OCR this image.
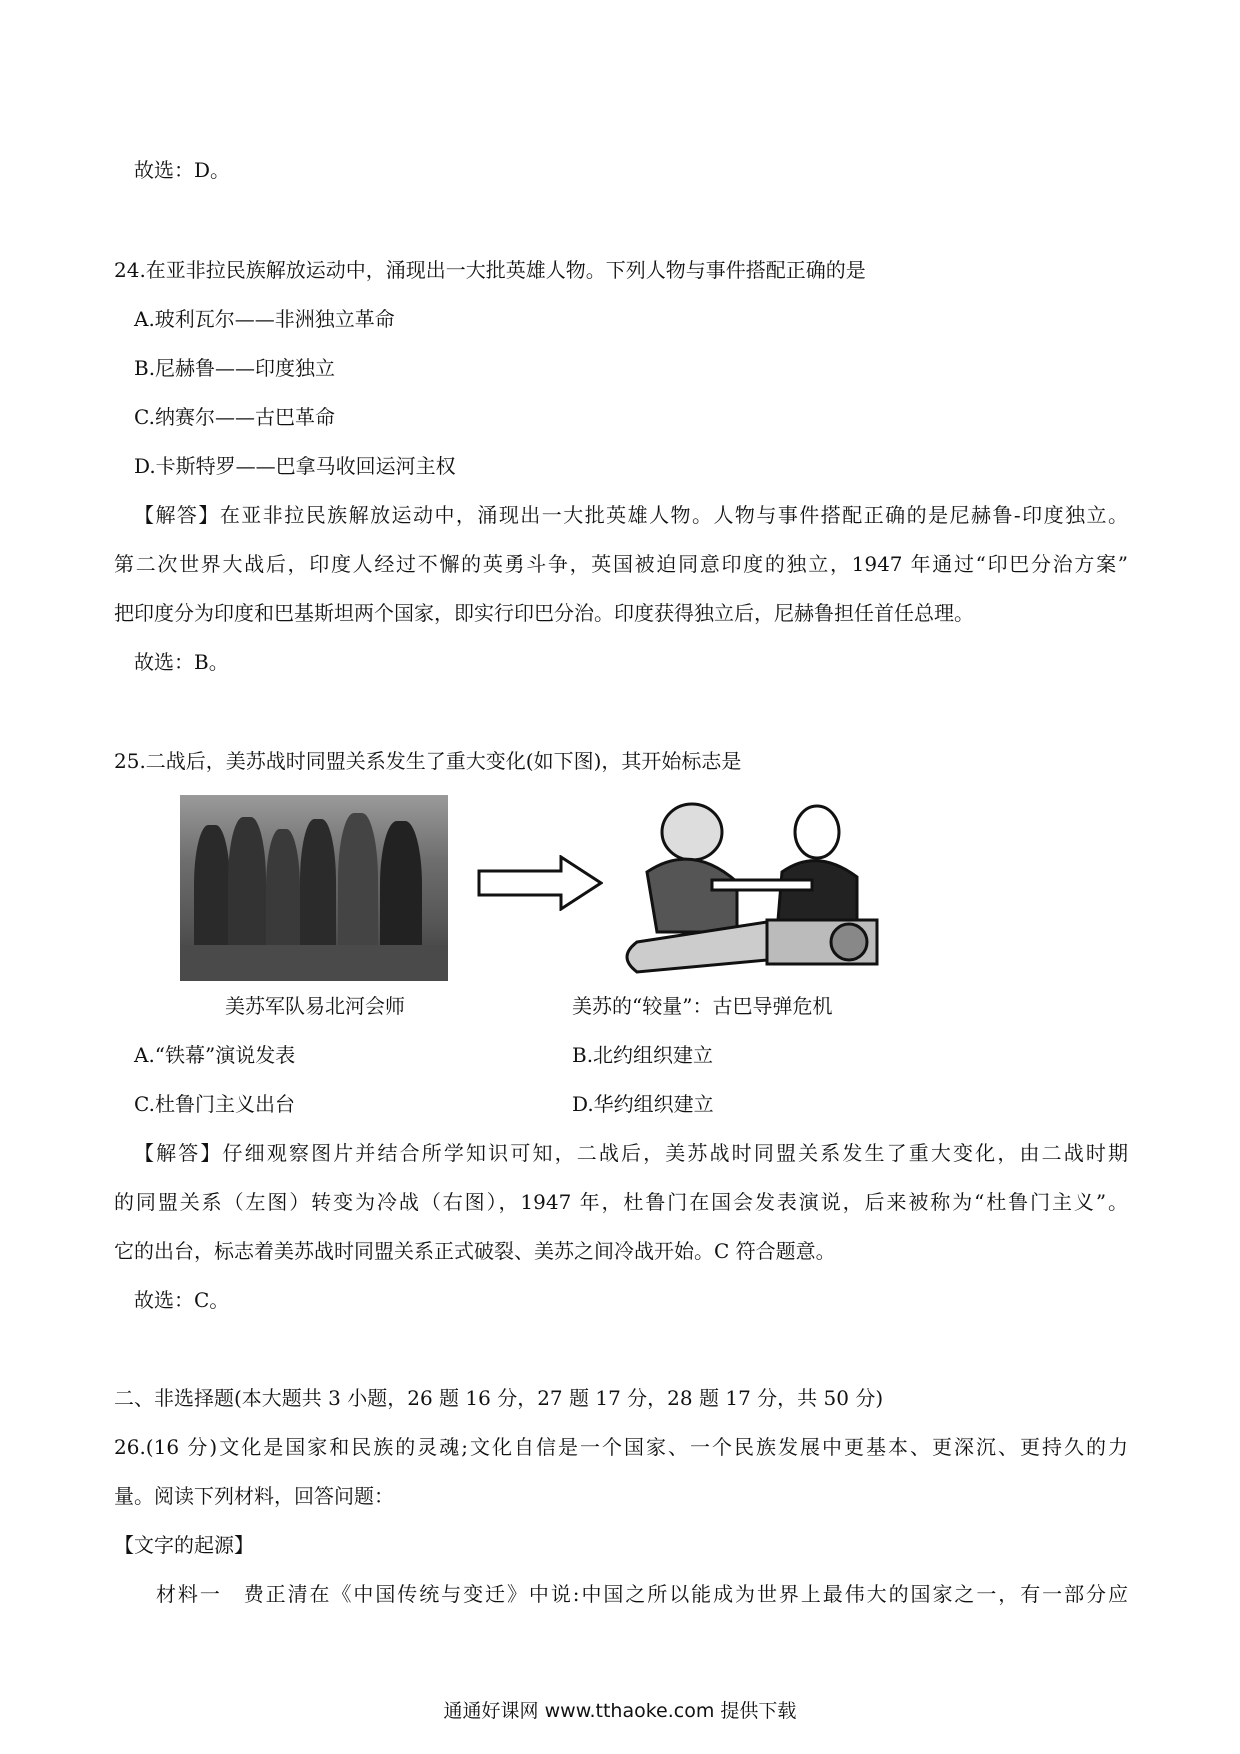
故选：D。
24.在亚非拉民族解放运动中，涌现出一大批英雄人物。下列人物与事件搭配正确的是
A.玻利瓦尔——非洲独立革命
B.尼赫鲁——印度独立
C.纳赛尔——古巴革命
D.卡斯特罗——巴拿马收回运河主权
【解答】在亚非拉民族解放运动中，涌现出一大批英雄人物。人物与事件搭配正确的是尼赫鲁-印度独立。
第二次世界大战后，印度人经过不懈的英勇斗争，英国被迫同意印度的独立，1947 年通过“印巴分治方案”
把印度分为印度和巴基斯坦两个国家，即实行印巴分治。印度获得独立后，尼赫鲁担任首任总理。
故选：B。
25.二战后，美苏战时同盟关系发生了重大变化(如下图)，其开始标志是
美苏军队易北河会师	美苏的“较量”：古巴导弹危机
A.“铁幕”演说发表	B.北约组织建立
C.杜鲁门主义出台	D.华约组织建立
【解答】仔细观察图片并结合所学知识可知，二战后，美苏战时同盟关系发生了重大变化，由二战时期
的同盟关系（左图）转变为冷战（右图），1947 年，杜鲁门在国会发表演说，后来被称为“杜鲁门主义”。
它的出台，标志着美苏战时同盟关系正式破裂、美苏之间冷战开始。C 符合题意。
故选：C。
二、非选择题(本大题共 3 小题，26 题 16 分，27 题 17 分，28 题 17 分，共 50 分)
26.(16 分)文化是国家和民族的灵魂;文化自信是一个国家、一个民族发展中更基本、更深沉、更持久的力
量。阅读下列材料，回答问题：
【文字的起源】
材料一　费正清在《中国传统与变迁》中说:中国之所以能成为世界上最伟大的国家之一，有一部分应
通通好课网 www.tthaoke.com 提供下载
